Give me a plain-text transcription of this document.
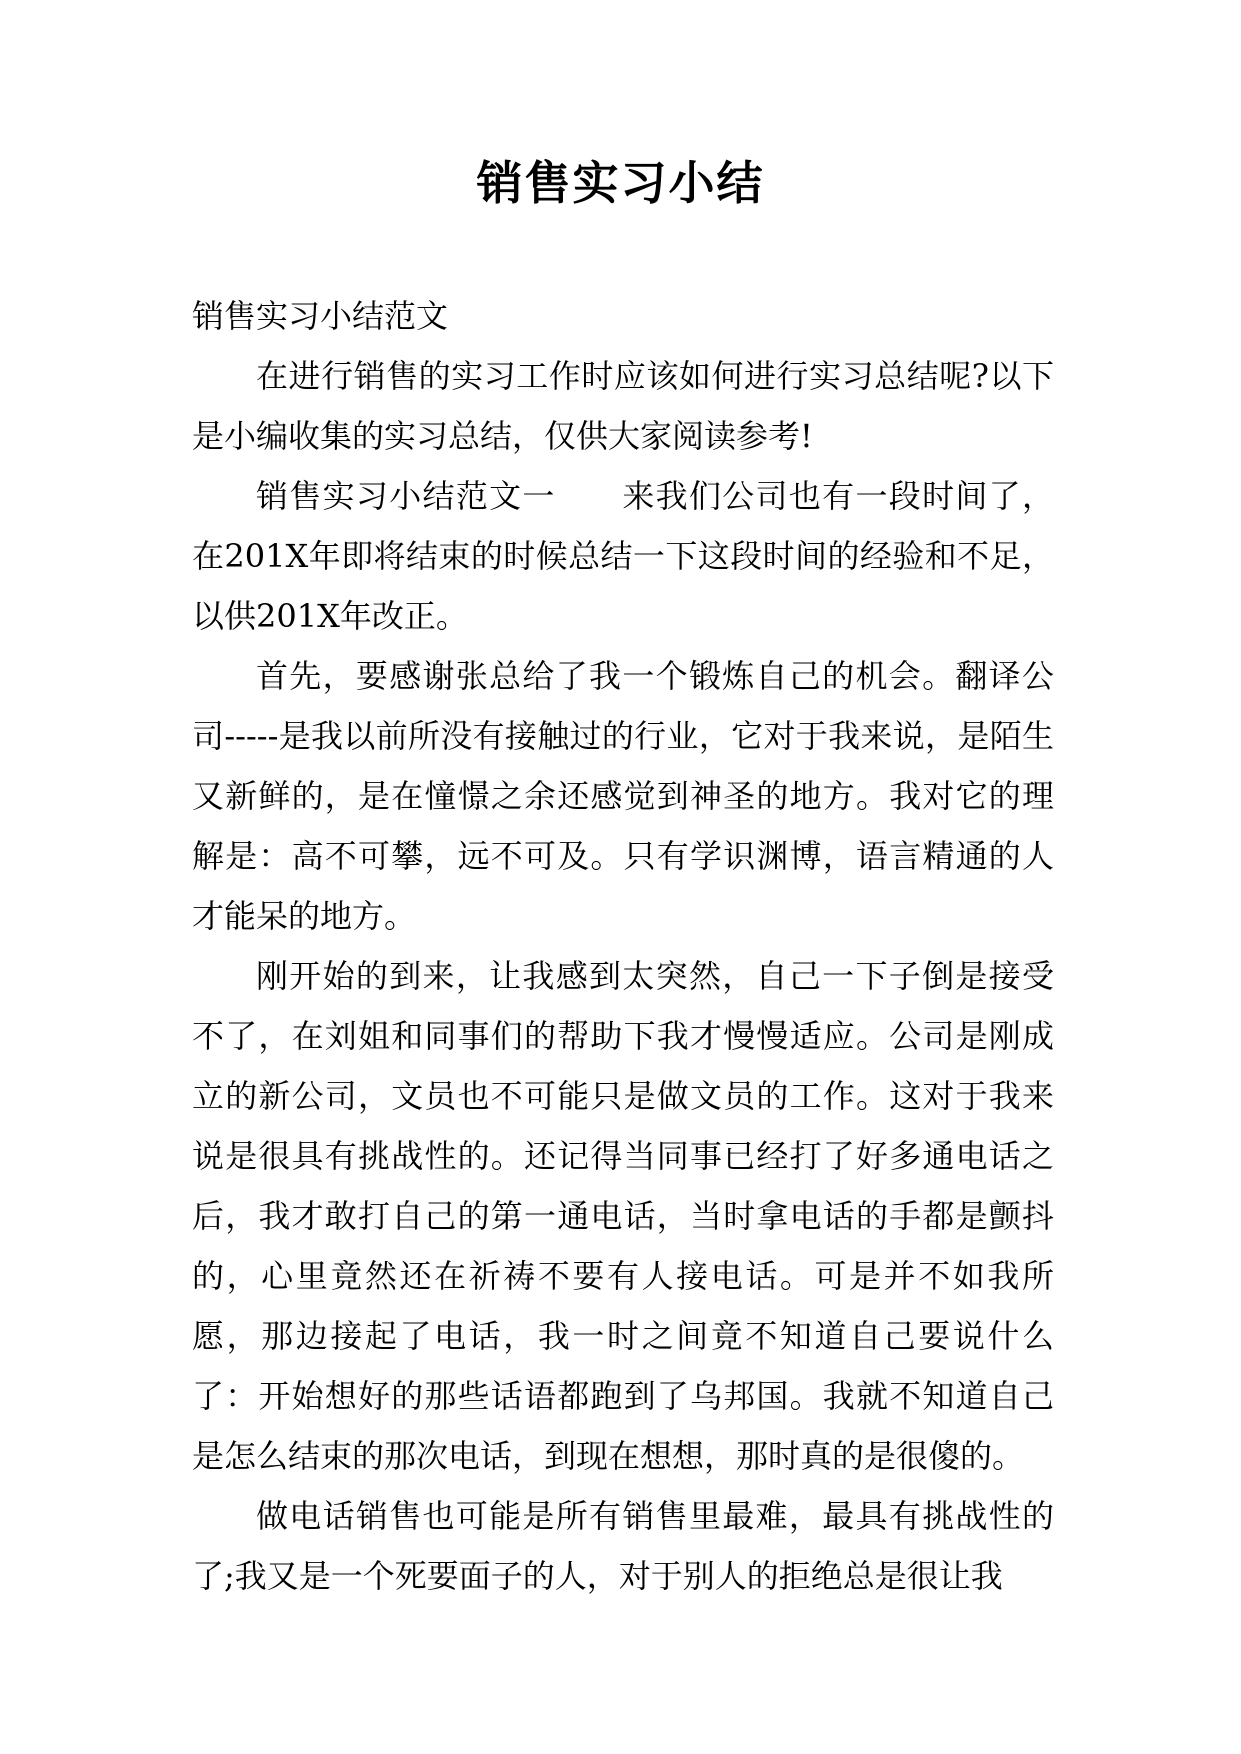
销售实习小结

销售实习小结范文

在进行销售的实习工作时应该如何进行实习总结呢?以下是小编收集的实习总结，仅供大家阅读参考!

销售实习小结范文一　　来我们公司也有一段时间了，在201X年即将结束的时候总结一下这段时间的经验和不足，以供201X年改正。

首先，要感谢张总给了我一个锻炼自己的机会。翻译公司-----是我以前所没有接触过的行业，它对于我来说，是陌生又新鲜的，是在憧憬之余还感觉到神圣的地方。我对它的理解是：高不可攀，远不可及。只有学识渊博，语言精通的人才能呆的地方。

刚开始的到来，让我感到太突然，自己一下子倒是接受不了，在刘姐和同事们的帮助下我才慢慢适应。公司是刚成立的新公司，文员也不可能只是做文员的工作。这对于我来说是很具有挑战性的。还记得当同事已经打了好多通电话之后，我才敢打自己的第一通电话，当时拿电话的手都是颤抖的，心里竟然还在祈祷不要有人接电话。可是并不如我所愿，那边接起了电话，我一时之间竟不知道自己要说什么了：开始想好的那些话语都跑到了乌邦国。我就不知道自己是怎么结束的那次电话，到现在想想，那时真的是很傻的。

做电话销售也可能是所有销售里最难，最具有挑战性的了;我又是一个死要面子的人，对于别人的拒绝总是很让我
